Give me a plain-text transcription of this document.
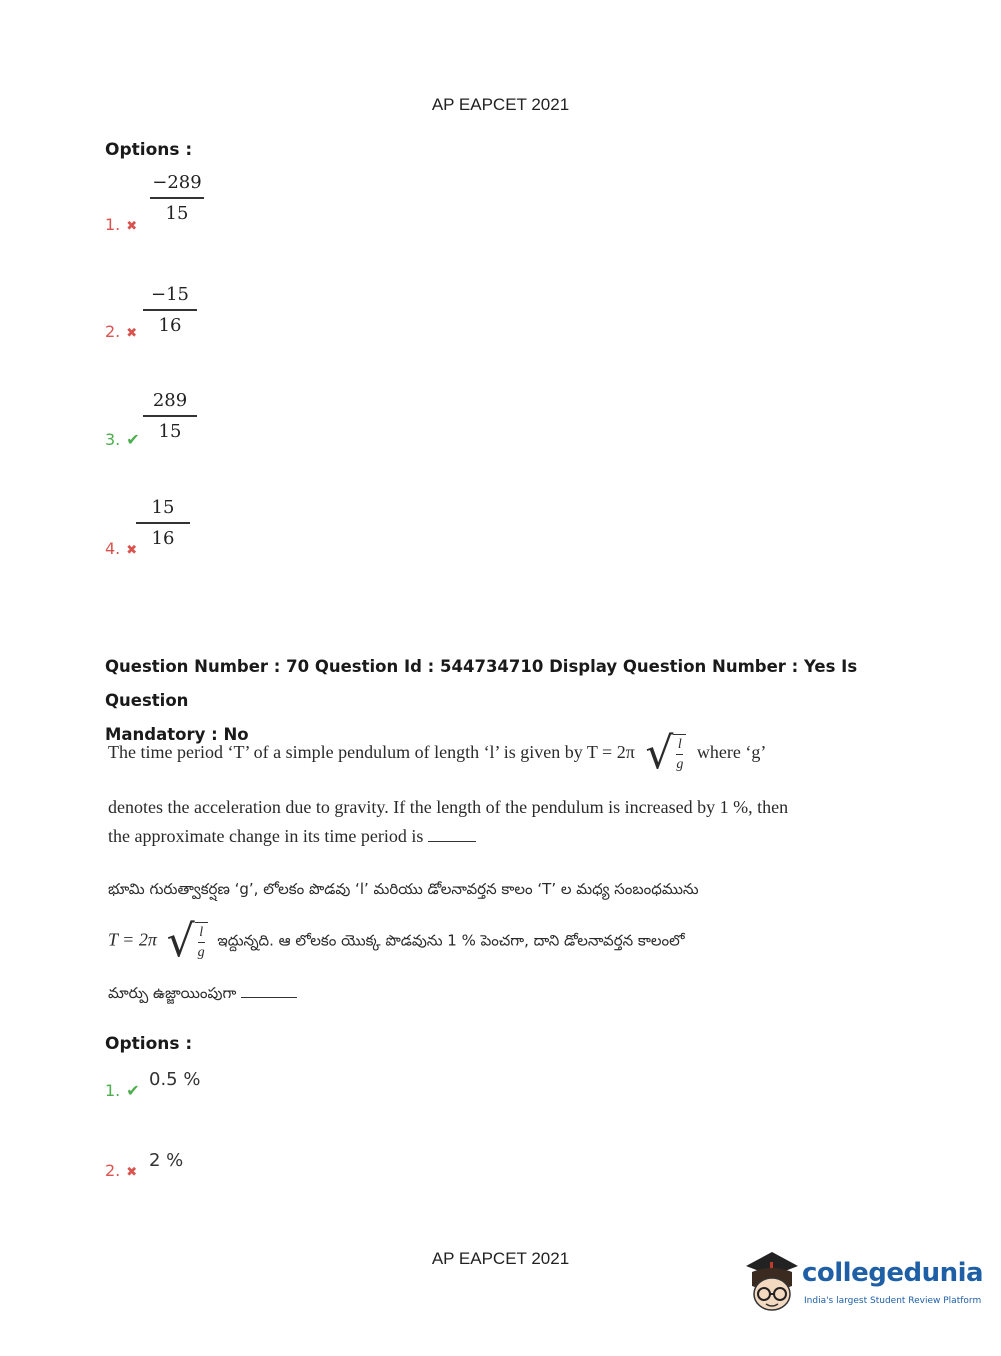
AP EAPCET 2021
Options :
$\frac{-289}{15}$
1. ✖
$\frac{-15}{16}$
2. ✖
$\frac{289}{15}$
3. ✔
$\frac{15}{16}$
4. ✖
Question Number : 70 Question Id : 544734710 Display Question Number : Yes Is Question
Mandatory : No
The time period ‘T’ of a simple pendulum of length ‘l’ is given by T = 2π √ $\frac{l}{g}$ where ‘g’
denotes the acceleration due to gravity. If the length of the pendulum is increased by 1 %, then
the approximate change in its time period is
భూమి గురుత్వాకర్షణ ‘g’, లోలకం పొడవు ‘l’ మరియు డోలనావర్తన కాలం ‘T’ ల మధ్య సంబంధమును
T = 2π √ $\frac{l}{g}$ ఇద్దున్నది. ఆ లోలకం యొక్క పొడవును 1 % పెంచగా, దాని డోలనావర్తన కాలంలో
మార్పు ఉజ్జాయింపుగా
Options :
0.5 %
1. ✔
2 %
2. ✖
AP EAPCET 2021	collegedunia
India's largest Student Review Platform
